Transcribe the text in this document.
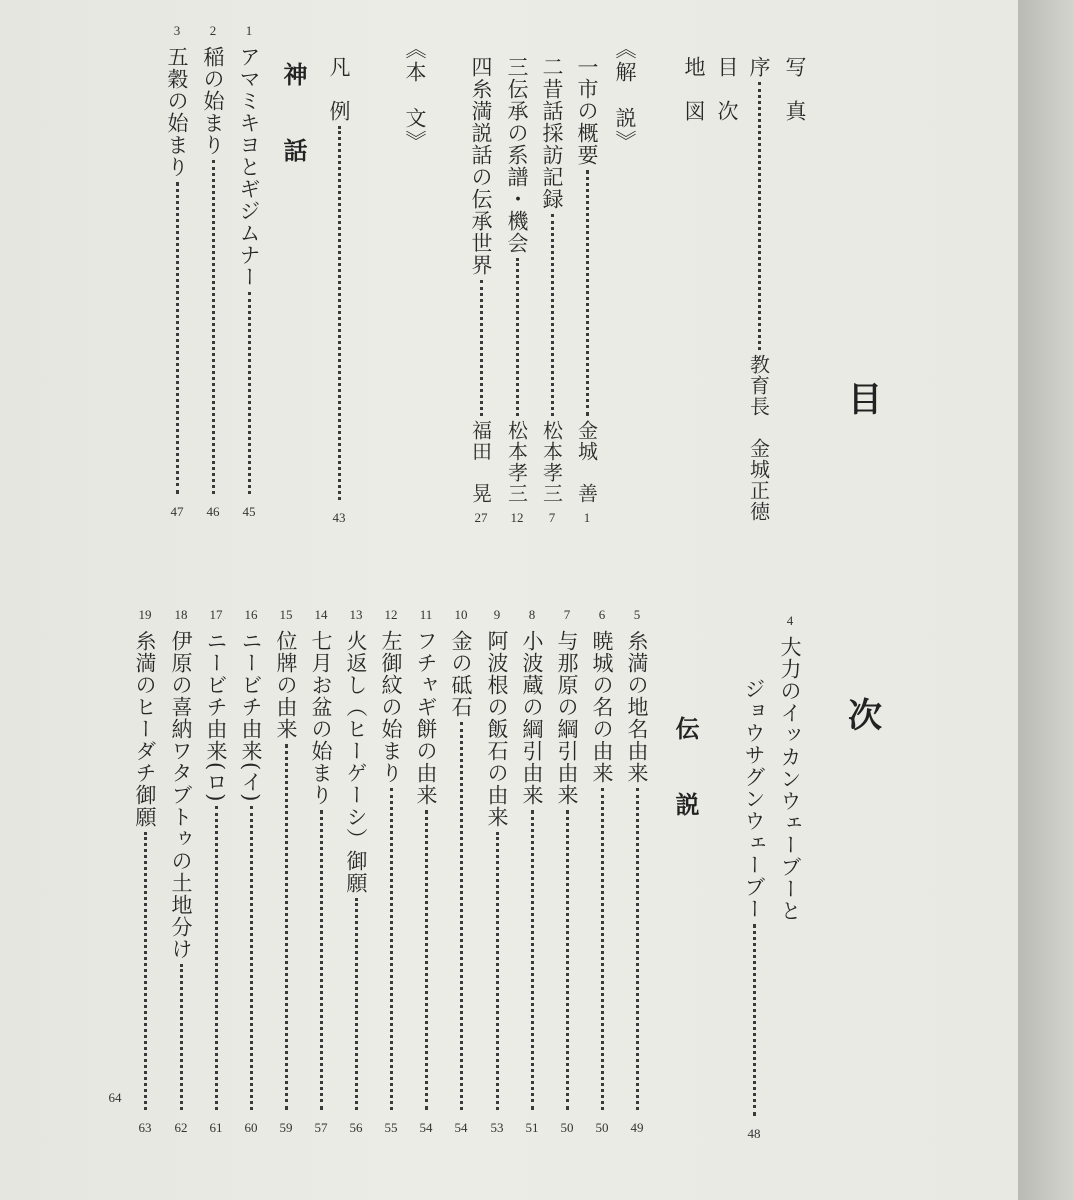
目
次
写　真
序
教育長　金城正徳
目　次
地　図
《解　説》
一
市の概要
金城　善
1
二
昔話採訪記録
松本孝三
7
三
伝承の系譜・機会
松本孝三
12
四
糸満説話の伝承世界
福田　晃
27
《本　文》
凡　例
43
神　話
1
アマミキヨとギジムナー
45
2
稲の始まり
46
3
五穀の始まり
47
4
大力のイッカンウェーブーと
ジョウサグンウェーブー
48
伝　説
5
糸満の地名由来
49
6
暁城の名の由来
50
7
与那原の綱引由来
50
8
小波蔵の綱引由来
51
9
阿波根の飯石の由来
53
10
金の砥石
54
11
フチャギ餅の由来
54
12
左御紋の始まり
55
13
火返し（ヒーゲーシ）御願
56
14
七月お盆の始まり
57
15
位牌の由来
59
16
ニービチ由来(イ)
60
17
ニービチ由来(ロ)
61
18
伊原の喜納ワタブトゥの土地分け
62
19
糸満のヒーダチ御願
63
64
